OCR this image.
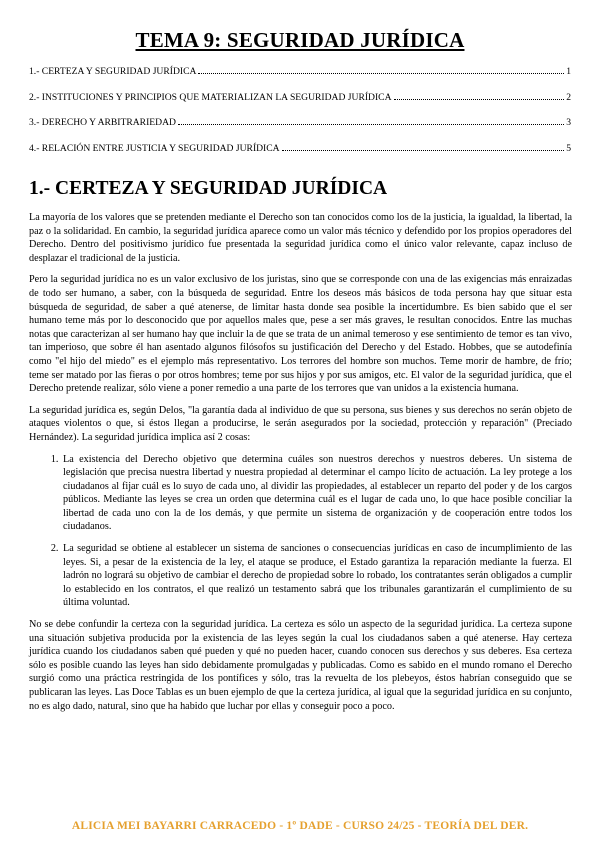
TEMA 9: SEGURIDAD JURÍDICA
1.- CERTEZA Y SEGURIDAD JURÍDICA	1
2.- INSTITUCIONES Y PRINCIPIOS QUE MATERIALIZAN LA SEGURIDAD JURÍDICA	2
3.- DERECHO Y ARBITRARIEDAD	3
4.- RELACIÓN ENTRE JUSTICIA Y SEGURIDAD JURÍDICA	5
1.- CERTEZA Y SEGURIDAD JURÍDICA

La mayoría de los valores que se pretenden mediante el Derecho son tan conocidos como los de la justicia, la igualdad, la libertad, la paz o la solidaridad. En cambio, la seguridad jurídica aparece como un valor más técnico y defendido por los propios operadores del Derecho. Dentro del positivismo jurídico fue presentada la seguridad jurídica como el único valor relevante, capaz incluso de desplazar el tradicional de la justicia.

Pero la seguridad jurídica no es un valor exclusivo de los juristas, sino que se corresponde con una de las exigencias más enraizadas de todo ser humano, a saber, con la búsqueda de seguridad. Entre los deseos más básicos de toda persona hay que situar esta búsqueda de seguridad, de saber a qué atenerse, de limitar hasta donde sea posible la incertidumbre. Es bien sabido que el ser humano teme más por lo desconocido que por aquellos males que, pese a ser más graves, le resultan conocidos. Entre las muchas notas que caracterizan al ser humano hay que incluir la de que se trata de un animal temeroso y ese sentimiento de temor es tan vivo, tan imperioso, que sobre él han asentado algunos filósofos su justificación del Derecho y del Estado. Hobbes, que se autodefinía como "el hijo del miedo" es el ejemplo más representativo. Los terrores del hombre son muchos. Teme morir de hambre, de frío; teme ser matado por las fieras o por otros hombres; teme por sus hijos y por sus amigos, etc. El valor de la seguridad jurídica, que el Derecho pretende realizar, sólo viene a poner remedio a una parte de los terrores que van unidos a la existencia humana.

La seguridad jurídica es, según Delos, "la garantía dada al individuo de que su persona, sus bienes y sus derechos no serán objeto de ataques violentos o que, si éstos llegan a producirse, le serán asegurados por la sociedad, protección y reparación" (Preciado Hernández). La seguridad jurídica implica así 2 cosas:

1. La existencia del Derecho objetivo que determina cuáles son nuestros derechos y nuestros deberes. Un sistema de legislación que precisa nuestra libertad y nuestra propiedad al determinar el campo lícito de actuación. La ley protege a los ciudadanos al fijar cuál es lo suyo de cada uno, al dividir las propiedades, al establecer un reparto del poder y de los cargos públicos. Mediante las leyes se crea un orden que determina cuál es el lugar de cada uno, lo que hace posible conciliar la libertad de cada uno con la de los demás, y que permite un sistema de organización y de cooperación entre todos los ciudadanos.
2. La seguridad se obtiene al establecer un sistema de sanciones o consecuencias jurídicas en caso de incumplimiento de las leyes. Si, a pesar de la existencia de la ley, el ataque se produce, el Estado garantiza la reparación mediante la fuerza. El ladrón no logrará su objetivo de cambiar el derecho de propiedad sobre lo robado, los contratantes serán obligados a cumplir lo establecido en los contratos, el que realizó un testamento sabrá que los tribunales garantizarán el cumplimiento de su última voluntad.

No se debe confundir la certeza con la seguridad jurídica. La certeza es sólo un aspecto de la seguridad jurídica. La certeza supone una situación subjetiva producida por la existencia de las leyes según la cual los ciudadanos saben a qué atenerse. Hay certeza jurídica cuando los ciudadanos saben qué pueden y qué no pueden hacer, cuando conocen sus derechos y sus deberes. Esa certeza sólo es posible cuando las leyes han sido debidamente promulgadas y publicadas. Como es sabido en el mundo romano el Derecho surgió como una práctica restringida de los pontífices y sólo, tras la revuelta de los plebeyos, éstos habrían conseguido que se publicaran las leyes. Las Doce Tablas es un buen ejemplo de que la certeza jurídica, al igual que la seguridad jurídica en su conjunto, no es algo dado, natural, sino que ha habido que luchar por ellas y conseguir poco a poco.

ALICIA MEI BAYARRI CARRACEDO - 1º DADE - CURSO 24/25 - TEORÍA DEL DER.
